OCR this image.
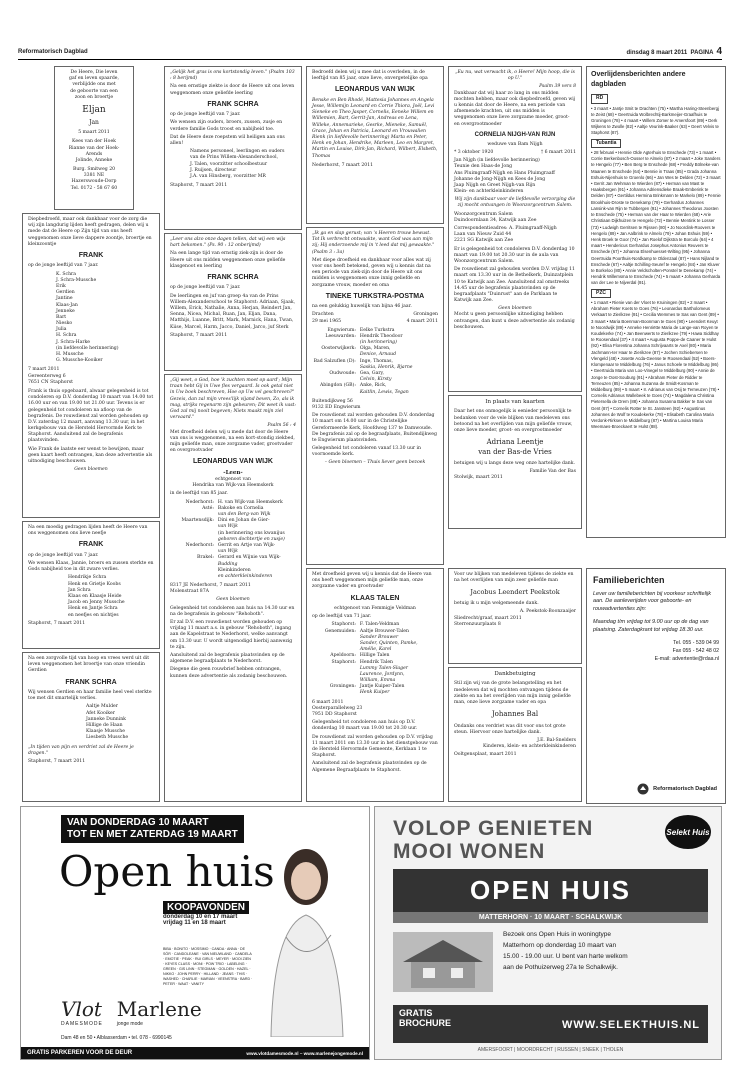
Reformatorisch Dagblad	dinsdag 8 maart 2011 PAGINA 4
De Heere, Die leven
gaf en leven spaarde,
verblijdde ons met
de geboorte van een
zoon en broertje
Eljan
Jan
5 maart 2011
Kees van der Hoek
Rianne van der Hoek-
Arends
Jolinde, Anneke
Burg. Smitweg 20
3381 NE
Hazerswoude-Dorp
Tel. 0172 - 58 67 60

Diepbedroefd, maar ook dankbaar voor de zorg die wij zijn langdurig lijden heeft gedragen, delen wij u mede dat de Heere op Zijn tijd van ons heeft weggenomen onze lieve dappere zoontje, broertje en kleinzoontje

FRANK

op de jonge leeftijd van 7 jaar.

K. Schra
J. Schra-Mussche
Erik
Gerdien
Jantine
Klaas-Jan
Jenneke
Bart
Niesko
Julia
H. Schra
J. Schra-Harke
(in liefdevolle herinnering)
H. Mussche
G. Mussche-Kooiker
7 maart 2011
Gereenterweg 6
7651 CN Staphorst

Frank is thuis opgebaard, alwaar gelegenheid is tot condoleren op D.V. donderdag 10 maart van 14.00 tot 16.00 uur en van 19.00 tot 21.00 uur. Tevens is er gelegenheid tot condoleren na afloop van de begrafenis. De rouwdienst zal worden gehouden op D.V. zaterdag 12 maart, aanvang 13.30 uur, in het kerkgebouw van de Hersteld Hervormde Kerk te Staphorst. Aansluitend zal de begrafenis plaatsvinden.

Wie Frank de laatste eer wenst te bewijzen, maar geen kaart heeft ontvangen, kan deze advertentie als uitnodiging beschouwen.

Geen bloemen

Na een moedig gedragen lijden heeft de Heere van ons weggenomen ons lieve neefje

FRANK

op de jonge leeftijd van 7 jaar.

We wensen Klaas, Jannie, broers en zussen sterkte en Gods nabijheid toe in dit zware verlies.

Hendrikje Schra
Henk en Grietje Koobs
Jan Schra
Klaas en Klaasje Heide
Jacob en Jenny Mussche
Henk en Jantje Schra
en neefjes en nichtjes
Staphorst, 7 maart 2011

Na een zorgvolle tijd van hoop en vrees werd uit dit leven weggenomen het broertje van onze vriendin Gerdien

FRANK SCHRA

Wij wensen Gerdien en haar familie heel veel sterkte toe met dit smartelijk verlies.

Aaltje Mulder
Afet Kooiker
Janneke Dunnink
Hillige de Haan
Klaasje Mussche
Liesbeth Mussche

„In tijden van pijn en verdriet zal de Heere je dragen."

Staphorst, 7 maart 2011

„Gelijk het gras is ons kortstondig leven." (Psalm 103 : 8 berijmd)

Na een ernstige ziekte is door de Heere uit ons leven weggenomen onze geliefde leerling

FRANK SCHRA

op de jonge leeftijd van 7 jaar.

We wensen zijn ouders, broers, zussen, zusje en verdere familie Gods troost en nabijheid toe.

Dat de Heere deze roepstem wil heiligen aan ons allen!

Namens personeel, leerlingen en ouders
van de Prins Willem-Alexanderschool,
J. Talen, voorzitter schoolbestuur
J. Ruijsen, directeur
J.A. van Hinsberg, voorzitter MR
Staphorst, 7 maart 2011

„Leer ons alzo onze dagen tellen, dat wij een wijs hart bekomen." (Ps. 90 : 12 onberijmd)

Na een lange tijd van ernstig ziek-zijn is door de Heere uit ons midden weggenomen onze geliefde klasgenoot en leerling

FRANK SCHRA

op de jonge leeftijd van 7 jaar.

De leerlingen en juf van groep 4a van de Prins Willem-Alexanderschool te Staphorst: Adriaan, Sjaak, Willem, Erick, Nathalie, Anna, Herjan, Reindert Jan, Senna, Nicea, Michal, Ruan, Jan, Eljan, Dana, Matthijs, Luanne, Britt, Mark, Marnick, Hana, Twan, Kiise, Marcel, Harm, Jacco, Daniel, Jarco, juf Sterk

Staphorst, 7 maart 2011

„Gij weet, o God, hoe 'k zuchten moet op aard'; Mijn traan hebt Gij in Uwe fles vergaard. Is ook getal niet in Uw boek beschreven, Hoe op Uw vel geschreven?" Gezeis, dan zal mijn vrees'lijk vijand beven, Zo, als ik mag, strijks regenarm zijn gebeuren; Dit weet ik vast: God zal mij nooit begeven; Niets maakt mijn ziel vervaard."

Psalm 56 : 4

Met droefheid delen wij u mede dat door de Heere van ons is weggenomen, na een kort-stondig ziekbed, mijn geliefde man, onze zorgzame vader, grootvader en overgrootvader

LEONARDUS VAN WIJK
-Leen-
echtgenoot van
Hendrika van Wijk-van Heemskerk

in de leeftijd van 85 jaar.

Nederhorst: H. van Wijk-van Heemskerk
Asté: Bakoke en Cornelia
van den Berg-van Wijk
Maartensdijk: Dini en Johan de Gier-
van Wijk
(in herinnering ons kwanijus
geboren dochtertje en zusje)
Nederhorst: Gerrit en Artje van Wijk-
van Wijk
Brakel: Gerard en Wijnie van Wijk-
Budding
Kleinkinderen
en achterkleinkinderen
8317 JE Nederhorst, 7 maart 2011
Molenstraat 87A
Geen bloemen

Gelegenheid tot condoleren aan huis na 14.30 uur en na de begrafenis in gebouw "Rehoboth".

Er zal D.V. een rouwdienst worden gehouden op vrijdag 11 maart a.s. in gebouw "Rehoboth", ingang aan de Kapelstraat te Nederhorst, welke aanvangt om 13.30 uur. U wordt uitgenodigd hierbij aanwezig te zijn.

Aansluitend zal de begrafenis plaatsvinden op de algemene begraafplaats te Nederhorst.

Diegene die geen rouwbrief hebben ontvangen, kunnen deze advertentie als zodanig beschouwen.

Bedroefd delen wij u mee dat is overleden, in de leeftijd van 85 jaar, onze lieve, onvergetelijke opa

LEONARDUS VAN WIJK

Benske en Ben Rhodé, Mattesia Johannes en Angela Jesse, Willemijn Leonard en Corrie Thiora, Joël, Levi Sieneke en Theo Jasper, Cornelis, Eeneke Willem en Willemien, Bart, Gerrit-Jan, Andreas en Lena, Willeke, Annemarieke, Gesrke, Mieneke, Samuël, Grace, Johan en Patricia, Leonard en Vrouwalien Rienk (in liefdevolle herinnering) Marta en Peter, Henk en Johan, Hendrike, Marleen, Leo en Margret, Martin en Louise, Dirk-Jan, Richard, Wilbert, Elsbeth, Thomas

Nederhorst, 7 maart 2011

„Ik ga en slap gerust; van 's Heeren trouw bewust. Tot Ik verbrecht ontwaakte, want God was aan mijn zij; Hij onderzoende mij in 't leed dat mij gewaakte." (Psalm 3 : 3a)

Met diepe droefheid en dankbaar voor alles wat zij voor ons heeft betekend, geven wij u kennis dat na een periode van ziek-zijn door de Heere uit ons midden is weggenomen onze innig geliefde en zorgzame vrouw, moeder en oma

TINEKE TURKSTRA-POSTMA

na een gelukkig huwelijk van bijna 46 jaar.

Drachten	Groningen
29 mei 1965	4 maart 2011
Engwierum: Eelke Turkstra
Leeuwarden: Hendrik Theodoor
(in herinnering)
Oosterwijkerk: Olga, Maren,
Denice, Arnaud
Bad Salzuflen (D): Inge, Thomas,
Saskia, Henrik, Bjarne
Oudwoude: Gea, Gary,
Celvin, Kirsty
Abingdon (GB): Anke, Rick,
Kaitlin, Lewis, Tegan
Buitendijkweg 56
9132 ED Engwierum

De rouwdienst zal worden gehouden D.V. donderdag 10 maart om 14.00 uur in de Christelijke Gereformeerde Kerk, Hoofdweg 137 te Damwoude. De begrafenis zal op de begraafplaats, Buitendijkweg te Engwierum plaatsvinden.

Gelegenheid tot condoleren vanaf 13.30 uur in voornoemde kerk.

– Geen bloemen – Thuis liever geen bezoek

Met droefheid geven wij u kennis dat de Heere van ons heeft weggenomen mijn geliefde man, onze zorgzame vader en grootvader

KLAAS TALEN
echtgenoot van Femmigje Veldman

op de leeftijd van 71 jaar.

Staphorst: F. Talen-Veldman
Genemuiden: Aaltje Brouwer-Talen
Sander Brouwer
Sander, Quinten, Pamke,
Amélie, Karel
Apeldoorn: Hillige Talen
Staphorst: Hendrik Talen
Lummy Talen-Slager
Laurence, Jordynn,
William, Emma
Groningen: Jantje Kuiper-Talen
Henk Kuiper
6 maart 2011
Oosterparallelweg 23
7951 DD Staphorst

Gelegenheid tot condoleren aan huis op D.V. donderdag 10 maart van 19.00 tot 20.30 uur.

De rouwdienst zal worden gehouden op D.V. vrijdag 11 maart 2011 om 13.30 uur in het dienstgebouw van de Hersteld Hervormde Gemeente, Kerklaan 1 te Staphorst.

Aansluitend zal de begrafenis plaatsvinden op de Algemene Begraafplaats te Staphorst.

„Eu nu, wat verwacht ik, o Heere! Mijn hoop, die is op U."

Psalm 39 vers 8

Dankbaar dat wij haar zo lang in ons midden mochten hebben, maar ook diepbedroefd, geven wij u kennis dat door de Heere, na een periode van afnemende krachten, uit ons midden is weggenomen onze lieve zorgzame moeder, groot- en overgrootmoeder

CORNELIA NIJGH-VAN RIJN
weduwe van Bam Nijgh
* 3 oktober 1920	† 6 maart 2011
Jan Nijgh (in liefdevolle herinnering)
Teunie den Haas-de Jong
Ans Pluimgraaff-Nijgh en Hans Pluimgraaff
Johanne de Jong-Nijgh en Kees de Jong
Jaap Nijgh en Greet Nijgh-van Rijn
Klein- en achterkleinkinderen

Wij zijn dankbaar voor de liefdevolle verzorging die zij mocht ontvangen in Woonzorgcentrum Salem.

Woonzorgcentrum Salem
Duindoornlaan 34, Katwijk aan Zee
Correspondentieadres: A. Pluimgraaff-Nijgh
Laan van Nieuw Zuid 44
2221 SG Katwijk aan Zee

Er is gelegenheid tot condoleren D.V. donderdag 10 maart van 19.00 tot 20.30 uur in de aula van Woonzorgcentrum Salem.

De rouwdienst zal gehouden worden D.V. vrijdag 11 maart om 13.30 uur in de Bethelkerk, Duinzatplein 10 te Katwijk aan Zee. Aansluitend zal omstreeks 14.45 uur de begrafenis plaatsvinden op de begraafplaats "Duinrust" aan de Parklaan te Katwijk aan Zee.

Geen bloemen

Mocht u geen persoonlijke uitnodiging hebben ontvangen, dan kunt u deze advertentie als zodanig beschouwen.

In plaats van kaarten

Daar het ons onmogelijk is eenieder persoonlijk te bedanken voor de vele blijken van medeleven ons betoond na het overlijden van mijn geliefde vrouw, onze lieve moeder, groot- en overgrootmoeder

Adriana Leentje
van der Bas-de Vries

betuigen wij u langs deze weg onze hartelijke dank.

Familie Van der Bas
Stolwijk, maart 2011

Voor uw blijken van medeleven tijdens de ziekte en na het overlijden van mijn zeer geliefde man

Jacobus Leendert Peekstok

betuig ik u mijn welgemeende dank.

A. Peekstok-Boonzaaijer
Sliedrecht/graaf, maart 2011
Sterrenzuurplaats 8
Dankbetuiging

Stil zijn wij van de grote belangstelling en het medeleven dat wij mochten ontvangen tijdens de ziekte en na het overlijden van mijn innig geliefde man, onze lieve zorgzame vader en opa

Johannes Bal

Ondanks ons verdriet was dit voor ons tot grote steun. Hiervoor onze hartelijke dank.

J.E. Bal-Snelders
Kinderen, klein- en achterkleinkinderen
Ooltgensplaat, maart 2011
Overlijdensberichten andere dagbladen
RD
• 3 maart • Jantje Smit te Drachten (75) • Martha Haring-Steenbergj te Zeist (68) • Geertruida Wolbrechtij-Barkmeijer-Graafhuis te Groningen (78) • 4 maart • Willem Zomer te Amersfoort (89) • Derk Wijkens te Zwolle (82) • Aaltje Veurink-Baaker (63) • Geert Velvis te Staphorst (87).
Tubantia
• 28 februari • Hennie Olde Agterhuis te Enschede (73) • 1 maart • Corrie Berkenbosch-Oosse! te Almelo (87) • 2 maart • Joke Sanders te Hengelo (77) • Ben Berg te Enschede (68) • Freddy Bölneke-van Maanen te Enschede (64) • Bennie in Traas (85) • Grada Johanna Eshuis-Nijenhuis te Groenlo (66) • Jan Wes te Delden (72) • 3 maart • Gerrit Jan Wehman te Wierden (87) • Herman van Mast te Haaksbergen (91) • Johanna Adriensdieke Braak-Emberink te Delden (87) • Gertildus Hermina Brinkmann te Markelo (89) • Fennie Brookhuis-Droste te Denekamp (79) • Gerhardus Johannes Lansink-van Rijn te Tubbergen (91) • Johannes Theodorus Joosten te Enschede (75) • Herman van der Haar te Wierden (68) • Arie Christiaan Dijkhuizen te Hengelo (72) • Bennie Mentink te Losser (73) • Ludwigh Gerritsen te Rijssen (80) • Jo Noordink-Roovers te Hengelo (89) • Jan Aalbrink te Almelo (79) • Johan Eshuis (59) • Henk Broek te Goor (74) • Jan Roelof Dijkstra te Borculo (64) • 4 maart • Hendericus Gerhardus Josephus Antonius Reuvers te Enschede (67) • Johanna Elsenhuesset-Wilting (95) • Johanna Geertruida Poorthuis-Nordkamp te Oldenzaal (87) • Hans Nijland te Enschede (67) • Aaltje Schilling-Seuref te Hengelo (84) • Jan Kluver te Borkeloo (80) • Annie Veldscholten-Ponstel te Denekamp (74) • Hendrik Willemsma te Enschede (74) • 5 maart • Johanna Gerharda van der Lee te Nijverdal (91).
PZC
• 1 maart • Rienie van der Vloet te Kruiningen (82) • 2 maart • Abraham Pieter Koets te Goes (76) • Leonardus Bartholomeus Verkaart te Zierikzee (91) • Cecilia Wemmes te Sas van Gent (89) • 3 maart • Maria Boenman-Boonman te Goes (90) • Leendert Keuyt te Noordwijk (89) • Anneke Henriëtte Maria de Lange-van Royen te Koudekerke (74) • Jan Beenwerts te Zierikzee (79) • Hawa Siddhay te Roosendaal (37) • 4 maart • Augusta Poppe-de Caaner te Hulst (92) • Elisa Florentina Johanna Schrijvaarts te Axel (80) • Maria Jachmann-ter Haar te Zierikzee (87) • Jochen Schiebersen te Vlengeld (48) • Josette Acda-Geense te Roosendaal (52) • Boers-Klompenaar te Middelburg (76) • Janus Schoele te Middelburg (86) • Geertruida Maria van Loo-Vinegel te Middelburg (90) • Annie de Jonge te Oost-Souburg (91) • Abraham Pieter de Ridder te Terneuzen (85) • Johanna Suzanna de Smidt-Kosman te Middelburg (89) • 5 maart • Ir. Adrianus van Osij te Terneuzen (78) • Cornelis Adrianus Wallebeek te Goes (74) • Magdalena Christina Pietersella de Drem (88) • Johanna Susanna Bakker te Sas van Gent (87) • Cornelis Rotter te St. Jansteen (92) • Augustinus Johannes de Wolf te Koudekerke (78) • Elisabeth Carolina Maria Verdonk-Rirksen te Middelburg (87) • Martina Louisa Maria Weemaes-Broeckaert te Hulst (88).
Familieberichten
Lever uw familieberichten bij voorkeur schriftelijk aan. De aanleverijden voor geboorte- en rouwadvertenties zijn:
Maandag t/m vrijdag tot 9.00 uur op de dag van plaatsing. Zaterdagkrant tot vrijdag 18.30 uur.
Tel. 055 - 539 04 99
Fax 055 - 542 48 02
E-mail: advertentie@rdaa.nl
Reformatorisch Dagblad
VAN DONDERDAG 10 MAART
TOT EN MET ZATERDAG 19 MAART
Open huis
KOOPAVONDEN
donderdag 10 en 17 maart
vrijdag 11 en 18 maart
BIBA · BONITO · MOSSIMO · CANDA · ANNA · DE SÓR · CANDOLEANE · VAN NIEUWLAND · CANDELA · EMOTIE · PEAK · RUI GIRLS · MEYER · MOOI ZIEN · KEYES CLASS · MONI · POW TRIO · LABELING · GREEN · GIS LINN · STEGMAN · GOLDEN · HAZEL · NIKKO · JOHN PERRY · HILLAND · JEANS · THIS · WASHED · CHARLIE · MARIAN · VEENSTRA · BARD · PETER · WAAT · VANITY
Vlot
DAMESMODE
Marlene
jonge mode
Dam 48 en 50 • Alblasserdam • tel. 078 - 6990145
GRATIS PARKEREN VOOR DE DEUR	www.vlotdamesmode.nl – www.marlenejongemode.nl
VOLOP GENIETEN
MOOI WONEN
Selekt Huis
OPEN HUIS
MATTERHORN · 10 MAART · SCHALKWIJK
Bezoek ons Open Huis in woningtype
Matterhorn op donderdag 10 maart van
15.00 - 19.00 uur. U bent van harte welkom
aan de Pothuizerweg 27a te Schalkwijk.
GRATIS
BROCHURE	WWW.SELEKTHUIS.NL
AMERSFOORT | MOORDRECHT | RUSSEN | SNEEK | THOLEN
